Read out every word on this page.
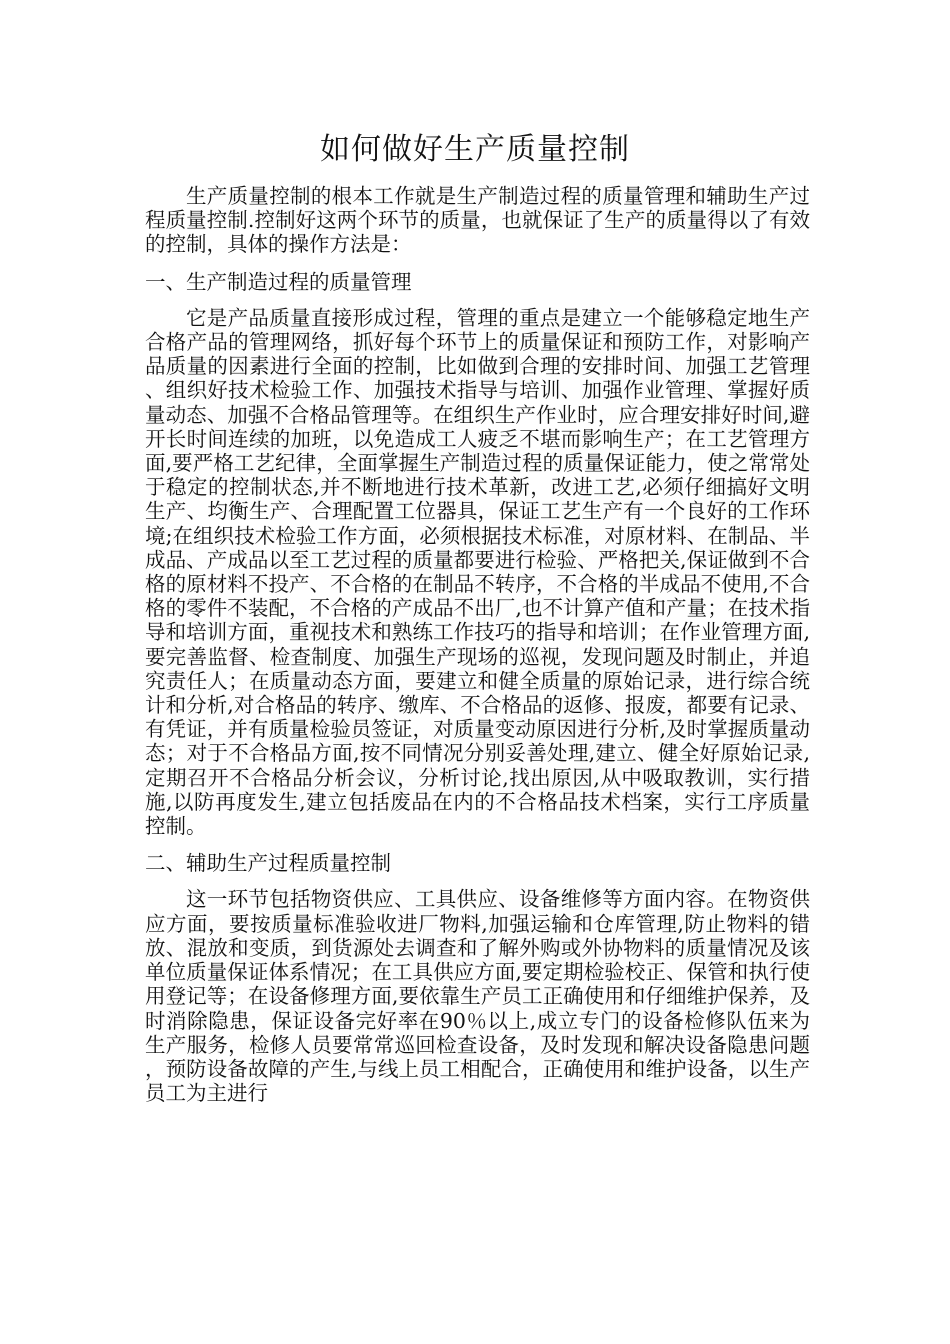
如何做好生产质量控制

生产质量控制的根本工作就是生产制造过程的质量管理和辅助生产过程质量控制.控制好这两个环节的质量，也就保证了生产的质量得以了有效的控制，具体的操作方法是：

一、生产制造过程的质量管理

它是产品质量直接形成过程，管理的重点是建立一个能够稳定地生产合格产品的管理网络，抓好每个环节上的质量保证和预防工作，对影响产品质量的因素进行全面的控制，比如做到合理的安排时间、加强工艺管理、组织好技术检验工作、加强技术指导与培训、加强作业管理、掌握好质量动态、加强不合格品管理等。在组织生产作业时，应合理安排好时间,避开长时间连续的加班，以免造成工人疲乏不堪而影响生产；在工艺管理方面,要严格工艺纪律，全面掌握生产制造过程的质量保证能力，使之常常处于稳定的控制状态,并不断地进行技术革新，改进工艺,必须仔细搞好文明生产、均衡生产、合理配置工位器具，保证工艺生产有一个良好的工作环境;在组织技术检验工作方面，必须根据技术标准，对原材料、在制品、半成品、产成品以至工艺过程的质量都要进行检验、严格把关,保证做到不合格的原材料不投产、不合格的在制品不转序，不合格的半成品不使用,不合格的零件不装配，不合格的产成品不出厂,也不计算产值和产量；在技术指导和培训方面，重视技术和熟练工作技巧的指导和培训；在作业管理方面,要完善监督、检查制度、加强生产现场的巡视，发现问题及时制止，并追究责任人；在质量动态方面，要建立和健全质量的原始记录，进行综合统计和分析,对合格品的转序、缴库、不合格品的返修、报废，都要有记录、有凭证，并有质量检验员签证，对质量变动原因进行分析,及时掌握质量动态；对于不合格品方面,按不同情况分别妥善处理,建立、健全好原始记录,定期召开不合格品分析会议，分析讨论,找出原因,从中吸取教训，实行措施,以防再度发生,建立包括废品在内的不合格品技术档案，实行工序质量控制。

二、辅助生产过程质量控制

这一环节包括物资供应、工具供应、设备维修等方面内容。在物资供应方面，要按质量标准验收进厂物料,加强运输和仓库管理,防止物料的错放、混放和变质，到货源处去调查和了解外购或外协物料的质量情况及该单位质量保证体系情况；在工具供应方面,要定期检验校正、保管和执行使用登记等；在设备修理方面,要依靠生产员工正确使用和仔细维护保养，及时消除隐患，保证设备完好率在90％以上,成立专门的设备检修队伍来为生产服务，检修人员要常常巡回检查设备，及时发现和解决设备隐患问题，预防设备故障的产生,与线上员工相配合，正确使用和维护设备，以生产员工为主进行
